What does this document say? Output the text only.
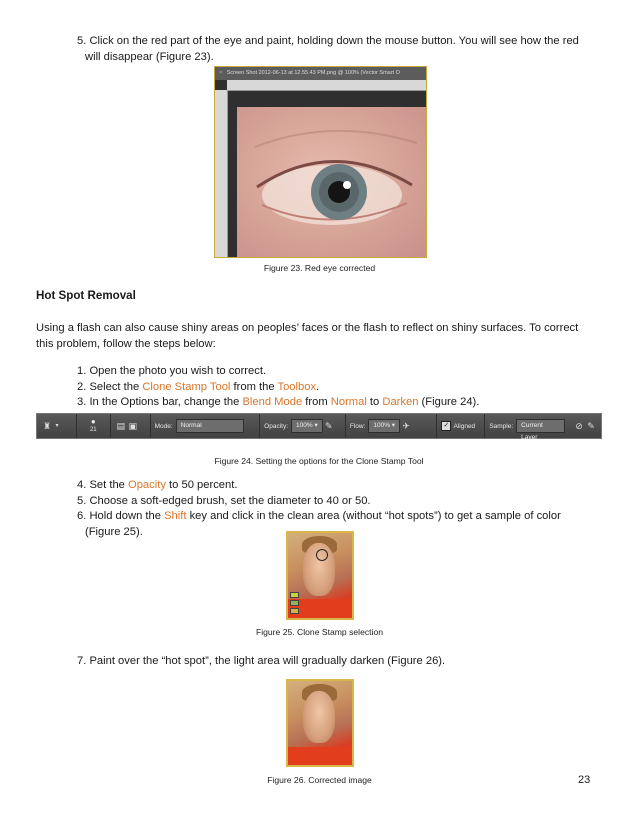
5. Click on the red part of the eye and paint, holding down the mouse button. You will see how the red
will disappear (Figure 23).
× Screen Shot 2012-06-13 at 12.55.43 PM.png @ 100% (Vector Smart O
Figure 23. Red eye corrected
Hot Spot Removal
Using a flash can also cause shiny areas on peoples’ faces or the flash to reflect on shiny surfaces. To correct
this problem, follow the steps below:
1. Open the photo you wish to correct.
2. Select the Clone Stamp Tool from the Toolbox.
3. In the Options bar, change the Blend Mode from Normal to Darken (Figure 24).
♜ ▾	●
21 ▤ ▣	Mode:	Normal	Opacity:	100% ▾ ✎	Flow:	100% ▾ ✈	✓ Aligned Sample:	Current Layer
⊘ ✎
Figure 24. Setting the options for the Clone Stamp Tool
4. Set the Opacity to 50 percent.
5. Choose a soft-edged brush, set the diameter to 40 or 50.
6. Hold down the Shift key and click in the clean area (without “hot spots”) to get a sample of color
(Figure 25).
Figure 25. Clone Stamp selection
7. Paint over the “hot spot”, the light area will gradually darken (Figure 26).
Figure 26. Corrected image	23
